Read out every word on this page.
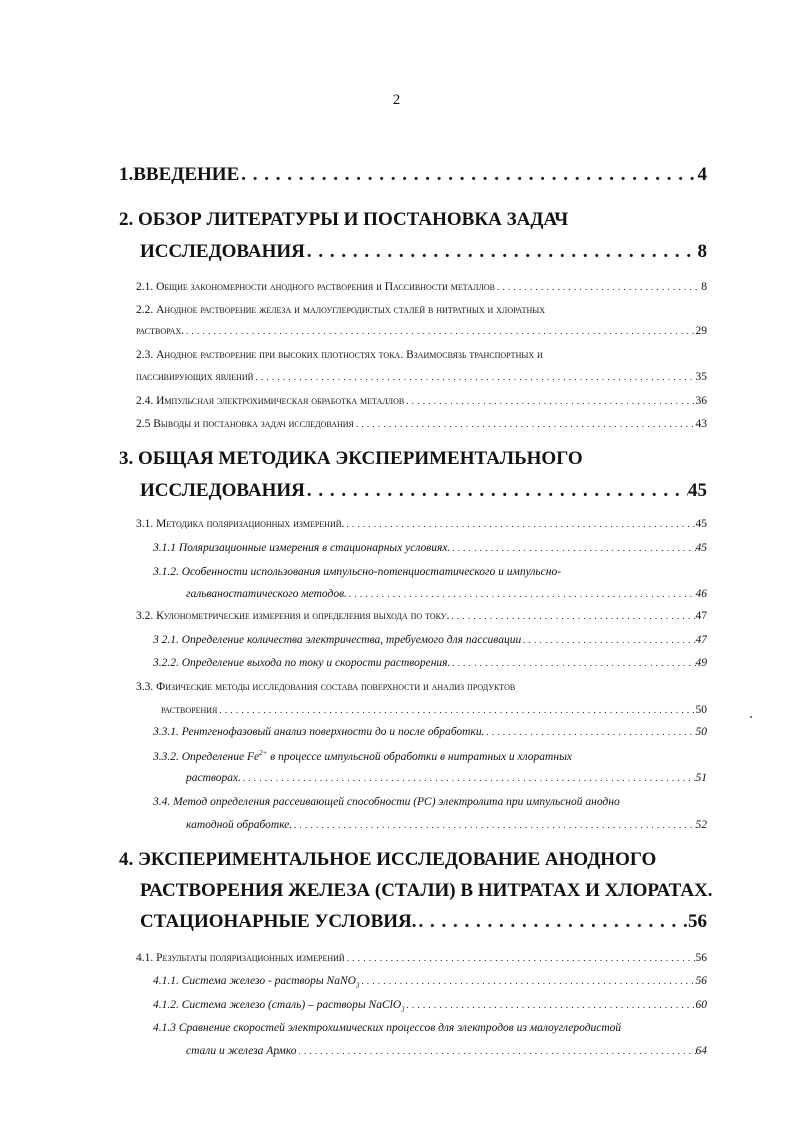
2
1.ВВЕДЕНИЕ . . .	4
2. ОБЗОР ЛИТЕРАТУРЫ И ПОСТАНОВКА ЗАДАЧ
ИССЛЕДОВАНИЯ . . .	8
2.1. Общие закономерности анодного растворения и Пассивности металлов . . .	8
2.2. Анодное растворение железа и малоуглеродистых сталей в нитратных и хлоратных
растворах. . . .	29
2.3. Анодное растворение при высоких плотностях тока. Взаимосвязь транспортных и
пассивирующих явлений . . .	35
2.4. Импульсная электрохимическая обработка металлов . . .	36
2.5 Выводы и постановка задач исследования . . .	43
3. ОБЩАЯ МЕТОДИКА ЭКСПЕРИМЕНТАЛЬНОГО
ИССЛЕДОВАНИЯ . . .	45
3.1. Методика поляризационных измерений. . . .	45
3.1.1 Поляризационные измерения в стационарных условиях. . . .	45
3.1.2. Особенности использования импульсно-потенциостатического и импульсно-
гальваностатического методов. . . .	46
3.2. Кулонометрические измерения и определения выхода по току. . . .	47
3 2.1. Определение количества электричества, требуемого для пассивации . . .	47
3.2.2. Определение выхода по току и скорости растворения. . . .	49
3.3. Физические методы исследования состава поверхности и анализ продуктов
растворения . . .	50
3.3.1. Рентгенофазовый анализ поверхности до и после обработки. . . .	50
3.3.2. Определение $Fe^{2+}$ в процессе импульсной обработки в нитратных и хлоратных
растворах. . . .	51
3.4. Метод определения рассеивающей способности (РС) электролита при импульсной анодно
катодной обработке. . . .	52
4. ЭКСПЕРИМЕНТАЛЬНОЕ ИССЛЕДОВАНИЕ АНОДНОГО
РАСТВОРЕНИЯ ЖЕЛЕЗА (СТАЛИ) В НИТРАТАХ И ХЛОРАТАХ.
СТАЦИОНАРНЫЕ УСЛОВИЯ. . . .	56
4.1. Результаты поляризационных измерений . . .	56
4.1.1. Система железо - растворы NaNO$_3$ . . .	56
4.1.2. Система железо (сталь) – растворы NaClO$_3$ . . .	60
4.1.3 Сравнение скоростей электрохимических процессов для электродов из малоуглеродистой
стали и железа Армко . . .	64
